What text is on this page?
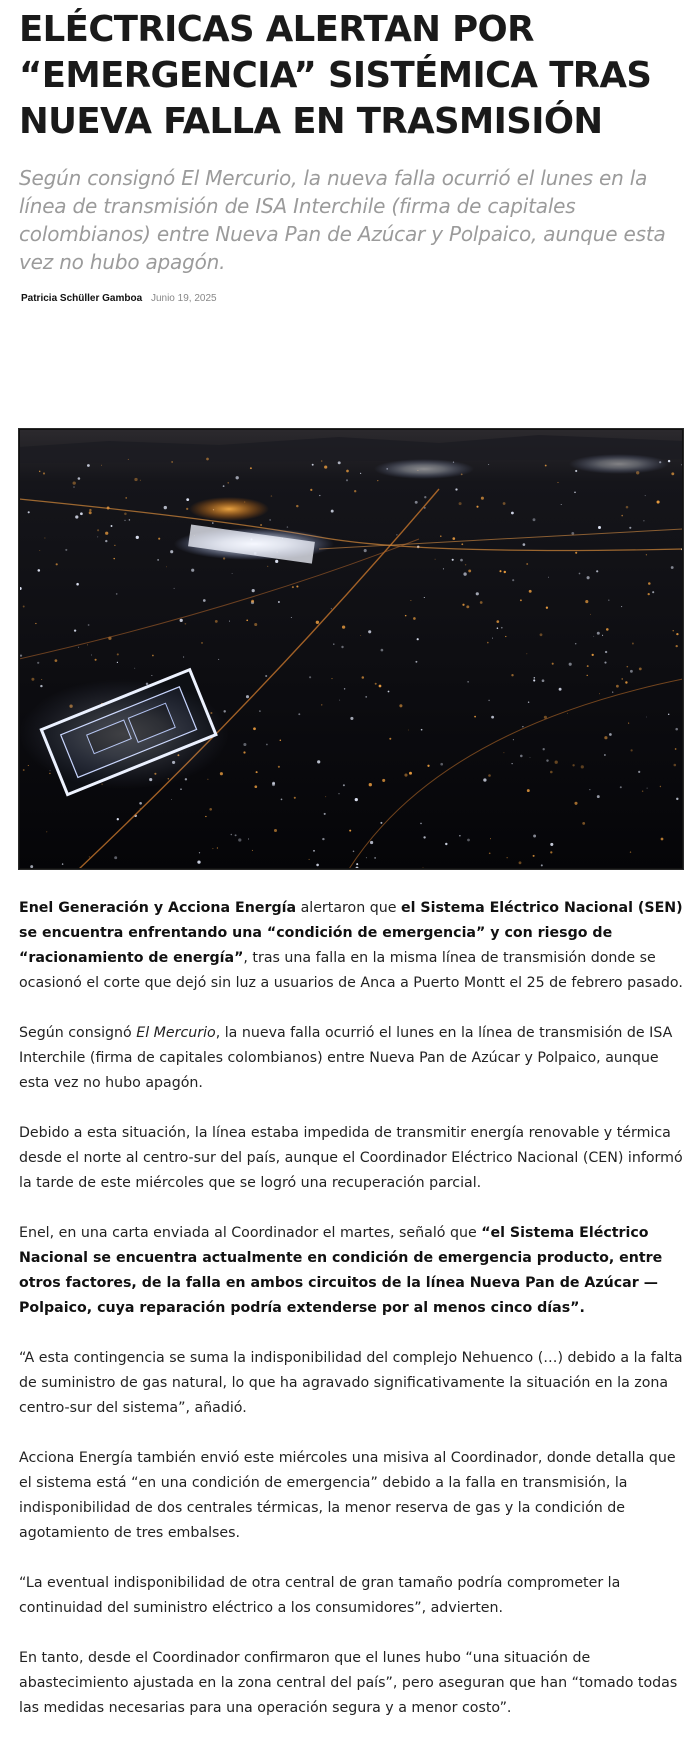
ELÉCTRICAS ALERTAN POR “EMERGENCIA” SISTÉMICA TRAS NUEVA FALLA EN TRASMISIÓN

Según consignó El Mercurio, la nueva falla ocurrió el lunes en la línea de transmisión de ISA Interchile (firma de capitales colombianos) entre Nueva Pan de Azúcar y Polpaico, aunque esta vez no hubo apagón.

Patricia Schüller Gamboa Junio 19, 2025

Enel Generación y Acciona Energía alertaron que el Sistema Eléctrico Nacional (SEN) se encuentra enfrentando una “condición de emergencia” y con riesgo de “racionamiento de energía”, tras una falla en la misma línea de transmisión donde se ocasionó el corte que dejó sin luz a usuarios de Anca a Puerto Montt el 25 de febrero pasado.

Según consignó El Mercurio, la nueva falla ocurrió el lunes en la línea de transmisión de ISA Interchile (firma de capitales colombianos) entre Nueva Pan de Azúcar y Polpaico, aunque esta vez no hubo apagón.

Debido a esta situación, la línea estaba impedida de transmitir energía renovable y térmica desde el norte al centro-sur del país, aunque el Coordinador Eléctrico Nacional (CEN) informó la tarde de este miércoles que se logró una recuperación parcial.

Enel, en una carta enviada al Coordinador el martes, señaló que “el Sistema Eléctrico Nacional se encuentra actualmente en condición de emergencia producto, entre otros factores, de la falla en ambos circuitos de la línea Nueva Pan de Azúcar — Polpaico, cuya reparación podría extenderse por al menos cinco días”.

“A esta contingencia se suma la indisponibilidad del complejo Nehuenco (…) debido a la falta de suministro de gas natural, lo que ha agravado significativamente la situación en la zona centro-sur del sistema”, añadió.

Acciona Energía también envió este miércoles una misiva al Coordinador, donde detalla que el sistema está “en una condición de emergencia” debido a la falla en transmisión, la indisponibilidad de dos centrales térmicas, la menor reserva de gas y la condición de agotamiento de tres embalses.

“La eventual indisponibilidad de otra central de gran tamaño podría comprometer la continuidad del suministro eléctrico a los consumidores”, advierten.

En tanto, desde el Coordinador confirmaron que el lunes hubo “una situación de abastecimiento ajustada en la zona central del país”, pero aseguran que han “tomado todas las medidas necesarias para una operación segura y a menor costo”.
